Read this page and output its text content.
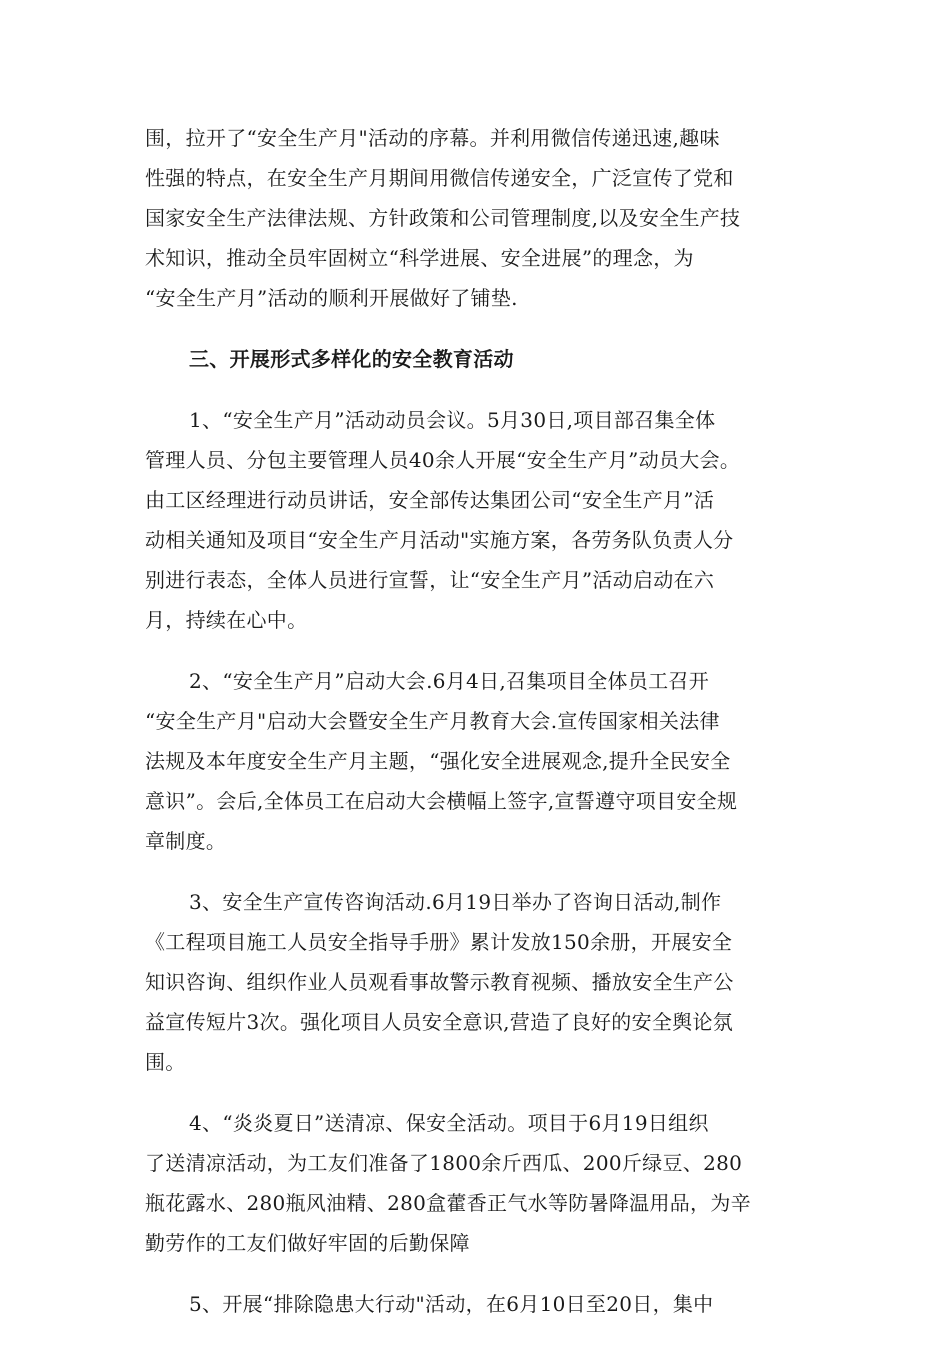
围，拉开了“安全生产月"活动的序幕。并利用微信传递迅速,趣味
性强的特点，在安全生产月期间用微信传递安全，广泛宣传了党和
国家安全生产法律法规、方针政策和公司管理制度,以及安全生产技
术知识，推动全员牢固树立“科学进展、安全进展”的理念，为
“安全生产月”活动的顺利开展做好了铺垫.

三、开展形式多样化的安全教育活动

1、“安全生产月”活动动员会议。5月30日,项目部召集全体
管理人员、分包主要管理人员40余人开展“安全生产月”动员大会。
由工区经理进行动员讲话，安全部传达集团公司“安全生产月”活
动相关通知及项目“安全生产月活动"实施方案，各劳务队负责人分
别进行表态，全体人员进行宣誓，让“安全生产月”活动启动在六
月，持续在心中。

2、“安全生产月”启动大会.6月4日,召集项目全体员工召开
“安全生产月"启动大会暨安全生产月教育大会.宣传国家相关法律
法规及本年度安全生产月主题，“强化安全进展观念,提升全民安全
意识”。会后,全体员工在启动大会横幅上签字,宣誓遵守项目安全规
章制度。

3、安全生产宣传咨询活动.6月19日举办了咨询日活动,制作
《工程项目施工人员安全指导手册》累计发放150余册，开展安全
知识咨询、组织作业人员观看事故警示教育视频、播放安全生产公
益宣传短片3次。强化项目人员安全意识,营造了良好的安全舆论氛
围。

4、“炎炎夏日”送清凉、保安全活动。项目于6月19日组织
了送清凉活动，为工友们准备了1800余斤西瓜、200斤绿豆、280
瓶花露水、280瓶风油精、280盒藿香正气水等防暑降温用品，为辛
勤劳作的工友们做好牢固的后勤保障

5、开展“排除隐患大行动"活动，在6月10日至20日，集中
